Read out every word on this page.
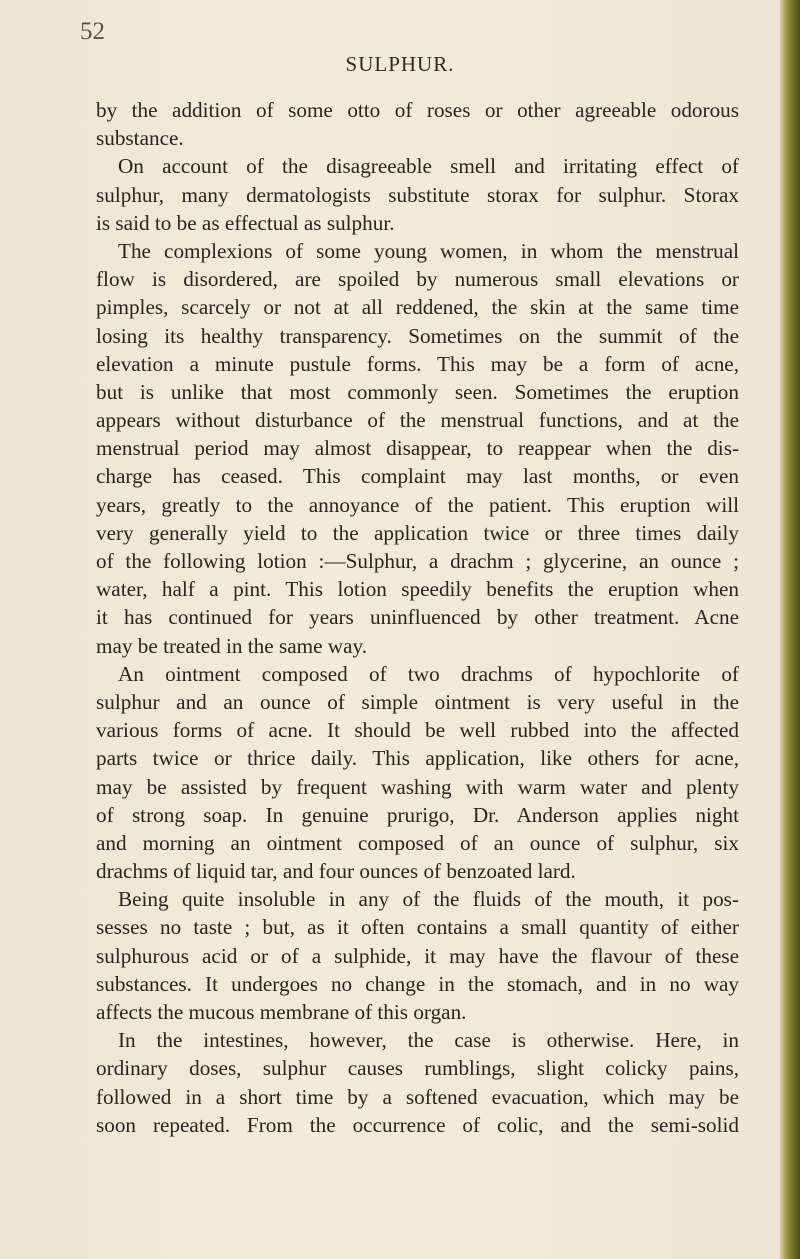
52
SULPHUR.
by the addition of some otto of roses or other agreeable odorous
substance.
On account of the disagreeable smell and irritating effect of
sulphur, many dermatologists substitute storax for sulphur. Storax
is said to be as effectual as sulphur.
The complexions of some young women, in whom the menstrual
flow is disordered, are spoiled by numerous small elevations or
pimples, scarcely or not at all reddened, the skin at the same time
losing its healthy transparency. Sometimes on the summit of the
elevation a minute pustule forms. This may be a form of acne,
but is unlike that most commonly seen. Sometimes the eruption
appears without disturbance of the menstrual functions, and at the
menstrual period may almost disappear, to reappear when the dis-
charge has ceased. This complaint may last months, or even
years, greatly to the annoyance of the patient. This eruption will
very generally yield to the application twice or three times daily
of the following lotion :—Sulphur, a drachm ; glycerine, an ounce ;
water, half a pint. This lotion speedily benefits the eruption when
it has continued for years uninfluenced by other treatment. Acne
may be treated in the same way.
An ointment composed of two drachms of hypochlorite of
sulphur and an ounce of simple ointment is very useful in the
various forms of acne. It should be well rubbed into the affected
parts twice or thrice daily. This application, like others for acne,
may be assisted by frequent washing with warm water and plenty
of strong soap. In genuine prurigo, Dr. Anderson applies night
and morning an ointment composed of an ounce of sulphur, six
drachms of liquid tar, and four ounces of benzoated lard.
Being quite insoluble in any of the fluids of the mouth, it pos-
sesses no taste ; but, as it often contains a small quantity of either
sulphurous acid or of a sulphide, it may have the flavour of these
substances. It undergoes no change in the stomach, and in no way
affects the mucous membrane of this organ.
In the intestines, however, the case is otherwise. Here, in
ordinary doses, sulphur causes rumblings, slight colicky pains,
followed in a short time by a softened evacuation, which may be
soon repeated. From the occurrence of colic, and the semi-solid
